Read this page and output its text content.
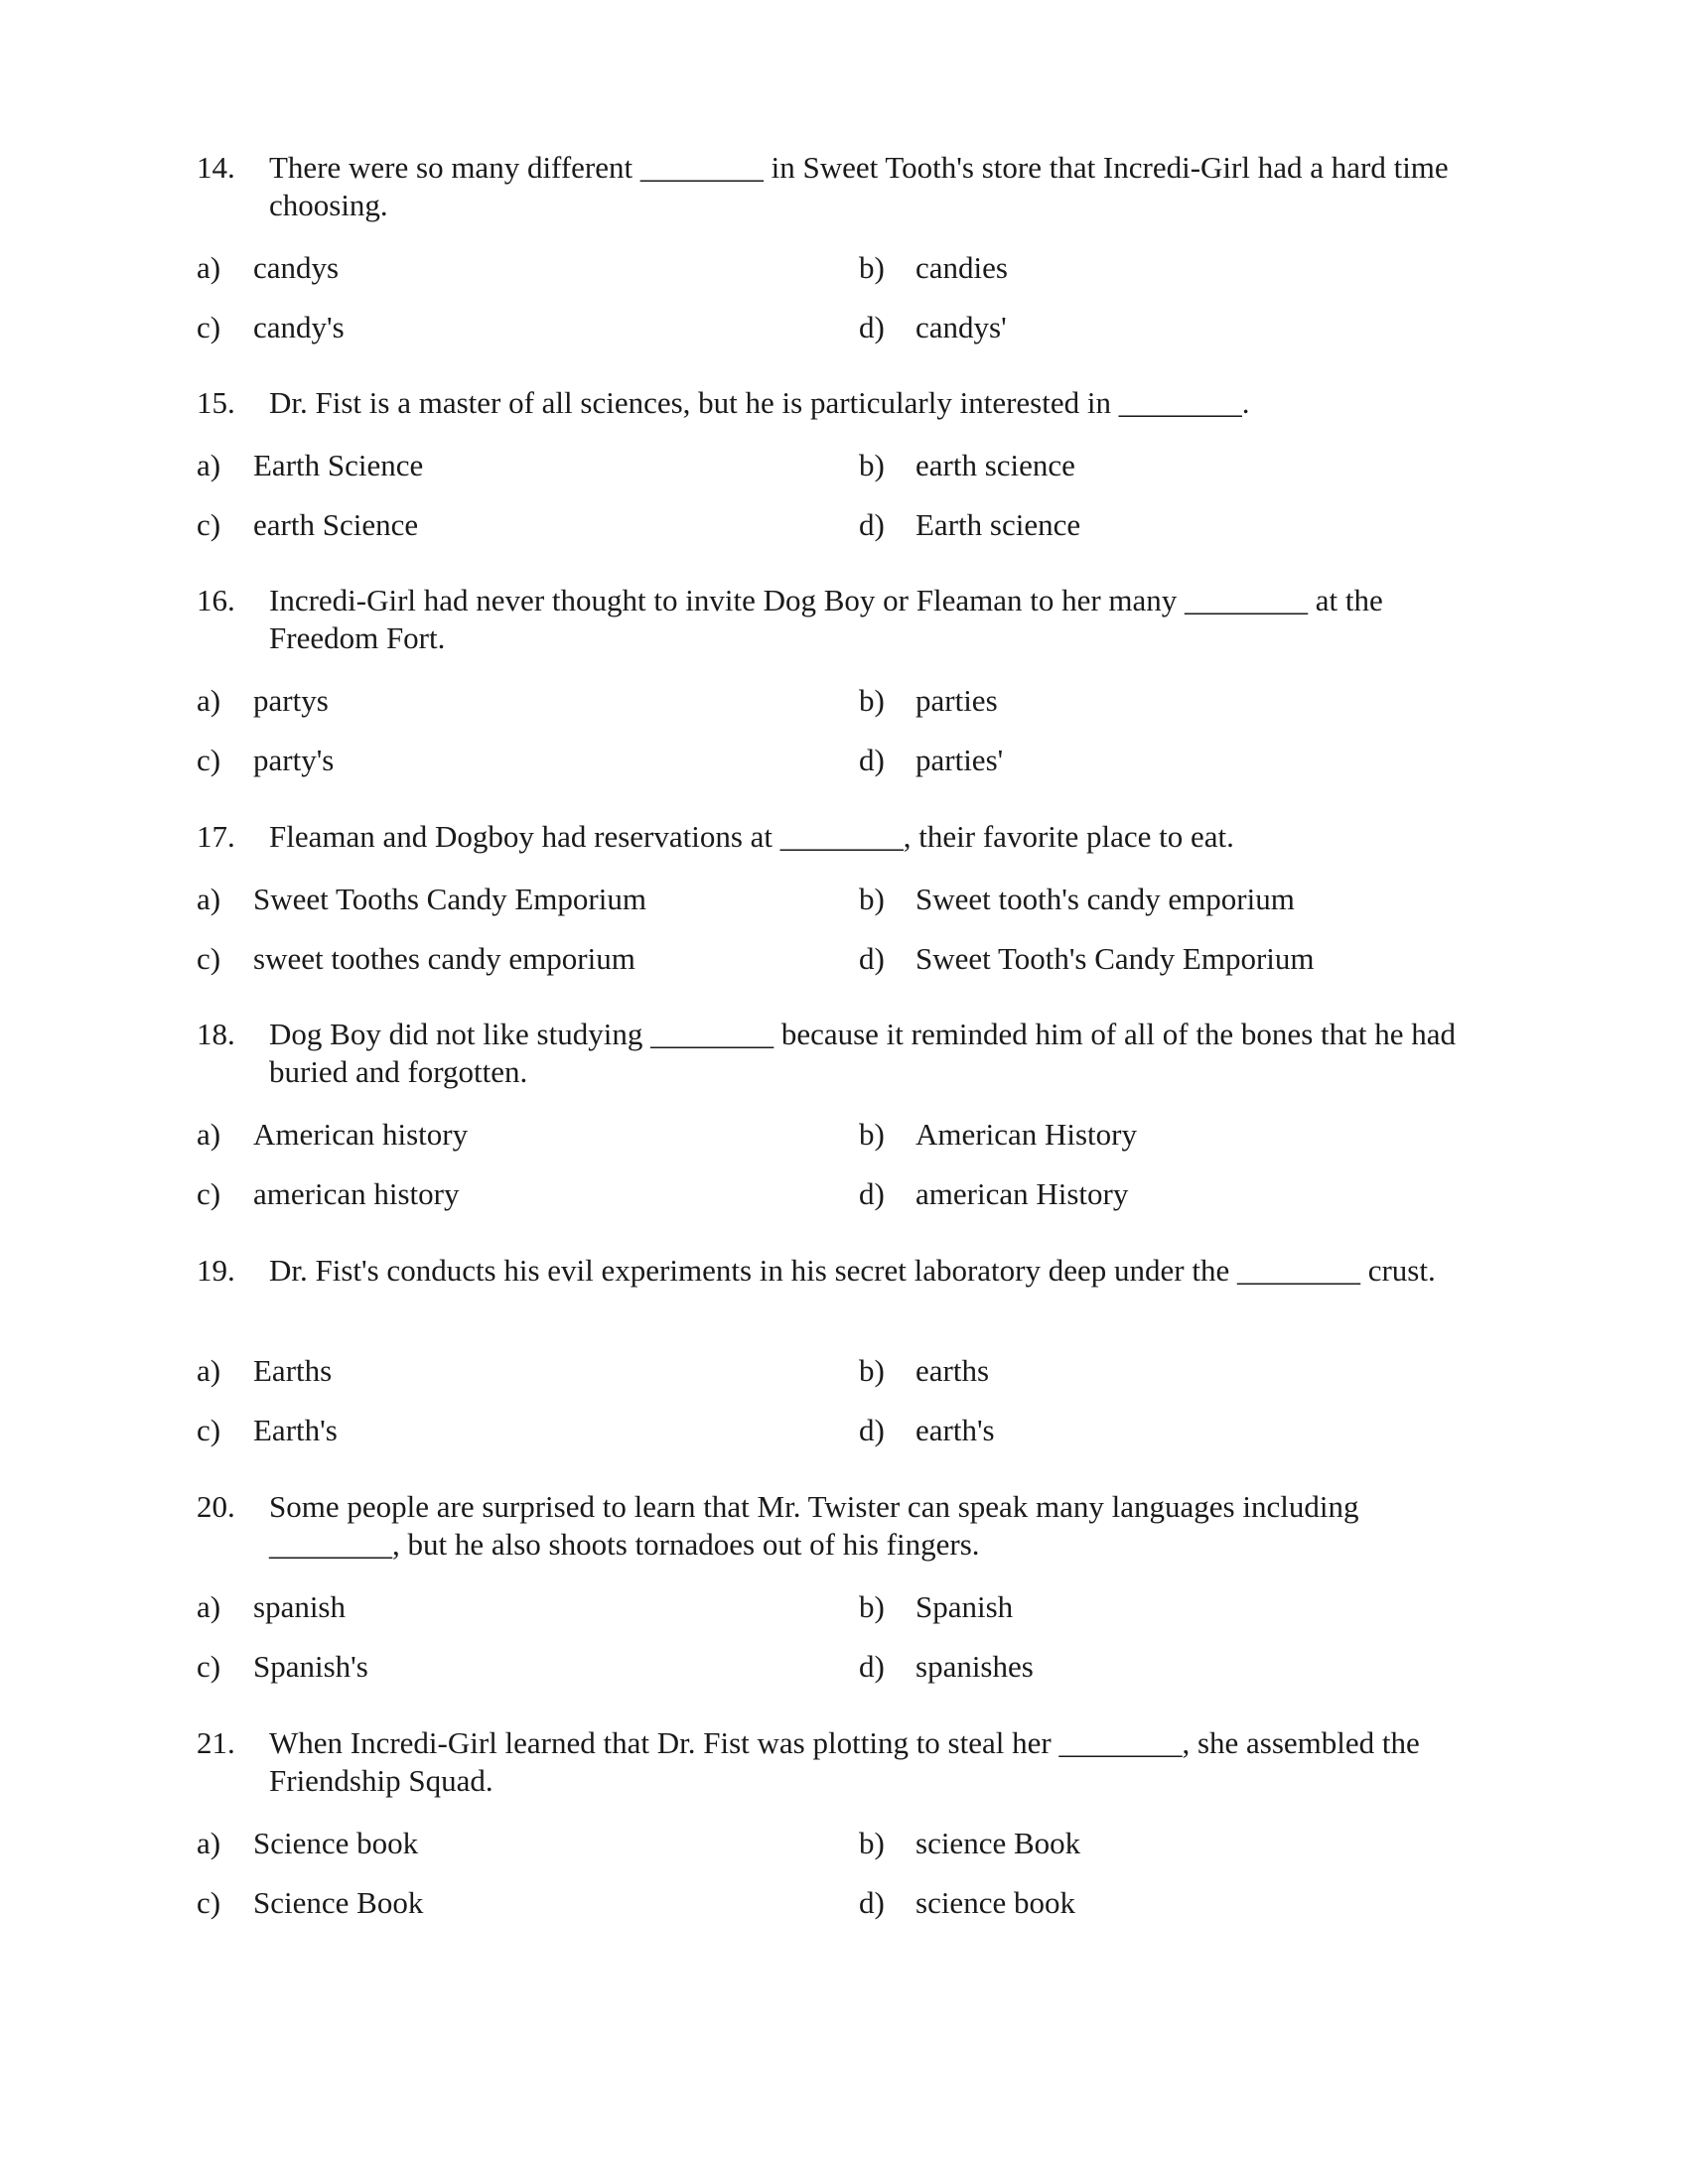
14. There were so many different ________ in Sweet Tooth's store that Incredi-Girl had a hard time choosing.
a) candys	b) candies
c) candy's	d) candys'
15. Dr. Fist is a master of all sciences, but he is particularly interested in ________.
a) Earth Science	b) earth science
c) earth Science	d) Earth science
16. Incredi-Girl had never thought to invite Dog Boy or Fleaman to her many ________ at the Freedom Fort.
a) partys	b) parties
c) party's	d) parties'
17. Fleaman and Dogboy had reservations at ________, their favorite place to eat.
a) Sweet Tooths Candy Emporium	b) Sweet tooth's candy emporium
c) sweet toothes candy emporium	d) Sweet Tooth's Candy Emporium
18. Dog Boy did not like studying ________ because it reminded him of all of the bones that he had buried and forgotten.
a) American history	b) American History
c) american history	d) american History
19. Dr. Fist's conducts his evil experiments in his secret laboratory deep under the ________ crust.
a) Earths	b) earths
c) Earth's	d) earth's
20. Some people are surprised to learn that Mr. Twister can speak many languages including ________, but he also shoots tornadoes out of his fingers.
a) spanish	b) Spanish
c) Spanish's	d) spanishes
21. When Incredi-Girl learned that Dr. Fist was plotting to steal her ________, she assembled the Friendship Squad.
a) Science book	b) science Book
c) Science Book	d) science book
